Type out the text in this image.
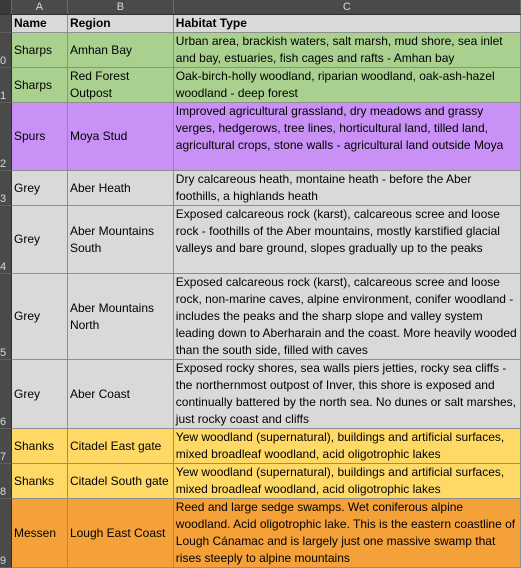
	A	B	C
	Name	Region	Habitat Type
0	Sharps	Amhan Bay	Urban area, brackish waters, salt marsh, mud shore, sea inlet and bay, estuaries, fish cages and rafts - Amhan bay
1	Sharps	Red Forest Outpost	Oak-birch-holly woodland, riparian woodland, oak-ash-hazel woodland - deep forest
2	Spurs	Moya Stud	Improved agricultural grassland, dry meadows and grassy verges, hedgerows, tree lines, horticultural land, tilled land, agricultural crops, stone walls - agricultural land outside Moya
3	Grey	Aber Heath	Dry calcareous heath, montaine heath - before the Aber foothills, a highlands heath
4	Grey	Aber Mountains South	Exposed calcareous rock (karst), calcareous scree and loose rock - foothills of the Aber mountains, mostly karstified glacial valleys and bare ground, slopes gradually up to the peaks
5	Grey	Aber Mountains North	Exposed calcareous rock (karst), calcareous scree and loose rock, non-marine caves, alpine environment, conifer woodland - includes the peaks and the sharp slope and valley system leading down to Aberharain and the coast. More heavily wooded than the south side, filled with caves
6	Grey	Aber Coast	Exposed rocky shores, sea walls piers jetties, rocky sea cliffs - the northernmost outpost of Inver, this shore is exposed and continually battered by the north sea. No dunes or salt marshes, just rocky coast and cliffs
7	Shanks	Citadel East gate	Yew woodland (supernatural), buildings and artificial surfaces, mixed broadleaf woodland, acid oligotrophic lakes
8	Shanks	Citadel South gate	Yew woodland (supernatural), buildings and artificial surfaces, mixed broadleaf woodland, acid oligotrophic lakes
9	Messen	Lough East Coast	Reed and large sedge swamps. Wet coniferous alpine woodland. Acid oligotrophic lake. This is the eastern coastline of Lough Cánamac and is largely just one massive swamp that rises steeply to alpine mountains
